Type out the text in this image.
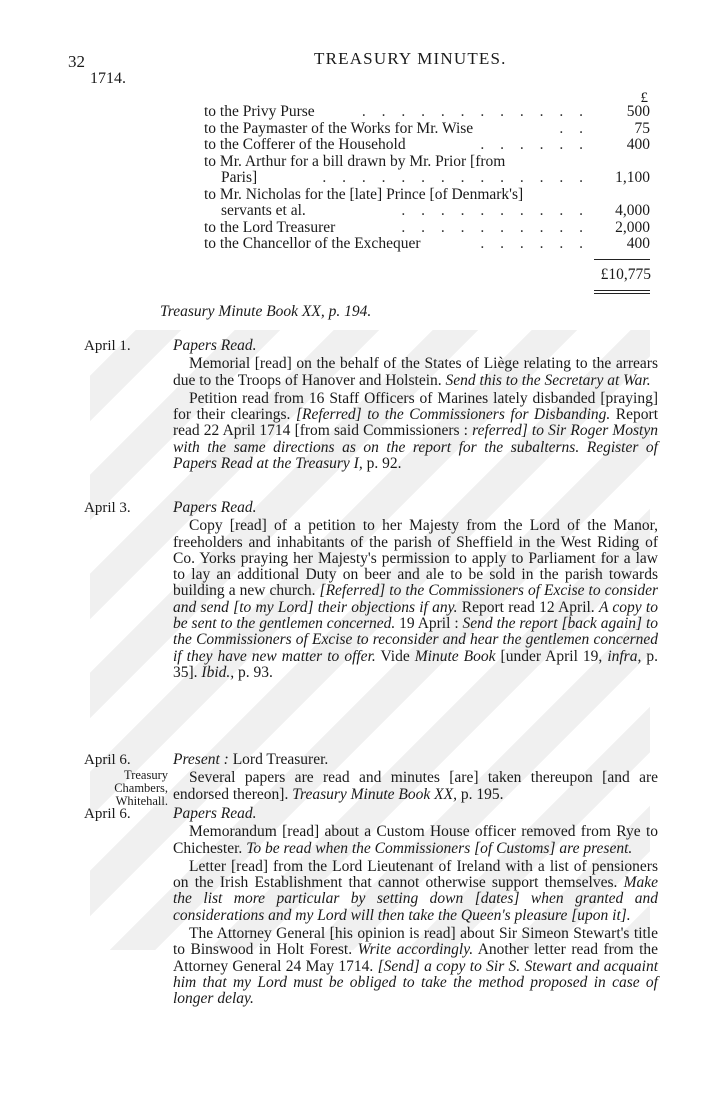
32	TREASURY MINUTES.
1714.
£
to the Privy Purse	. . . . . . . . . . . .	500
to the Paymaster of the Works for Mr. Wise	. .	75
to the Cofferer of the Household	. . . . . .	400
to Mr. Arthur for a bill drawn by Mr. Prior [from
Paris]	. . . . . . . . . . . . . .	1,100
to Mr. Nicholas for the [late] Prince [of Denmark's]
servants et al.	. . . . . . . . . .	4,000
to the Lord Treasurer	. . . . . . . . . .	2,000
to the Chancellor of the Exchequer	. . . . . .	400
£10,775
Treasury Minute Book XX, p. 194.
April 1.	Papers Read.

Memorial [read] on the behalf of the States of Liège relating to the arrears due to the Troops of Hanover and Holstein. Send this to the Secretary at War.

Petition read from 16 Staff Officers of Marines lately disbanded [praying] for their clearings. [Referred] to the Commissioners for Disbanding. Report read 22 April 1714 [from said Commissioners : referred] to Sir Roger Mostyn with the same directions as on the report for the subalterns. Register of Papers Read at the Treasury I, p. 92.

April 3.	Papers Read.

Copy [read] of a petition to her Majesty from the Lord of the Manor, freeholders and inhabitants of the parish of Sheffield in the West Riding of Co. Yorks praying her Majesty's permission to apply to Parliament for a law to lay an additional Duty on beer and ale to be sold in the parish towards building a new church. [Referred] to the Commissioners of Excise to consider and send [to my Lord] their objections if any. Report read 12 April. A copy to be sent to the gentlemen concerned. 19 April : Send the report [back again] to the Commissioners of Excise to reconsider and hear the gentlemen concerned if they have new matter to offer. Vide Minute Book [under April 19, infra, p. 35]. Ibid., p. 93.

April 6.
Treasury Chambers, Whitehall.

Present : Lord Treasurer.

Several papers are read and minutes [are] taken thereupon [and are endorsed thereon]. Treasury Minute Book XX, p. 195.

April 6.	Papers Read.

Memorandum [read] about a Custom House officer removed from Rye to Chichester. To be read when the Commissioners [of Customs] are present.

Letter [read] from the Lord Lieutenant of Ireland with a list of pensioners on the Irish Establishment that cannot otherwise support themselves. Make the list more particular by setting down [dates] when granted and considerations and my Lord will then take the Queen's pleasure [upon it].

The Attorney General [his opinion is read] about Sir Simeon Stewart's title to Binswood in Holt Forest. Write accordingly. Another letter read from the Attorney General 24 May 1714. [Send] a copy to Sir S. Stewart and acquaint him that my Lord must be obliged to take the method proposed in case of longer delay.
